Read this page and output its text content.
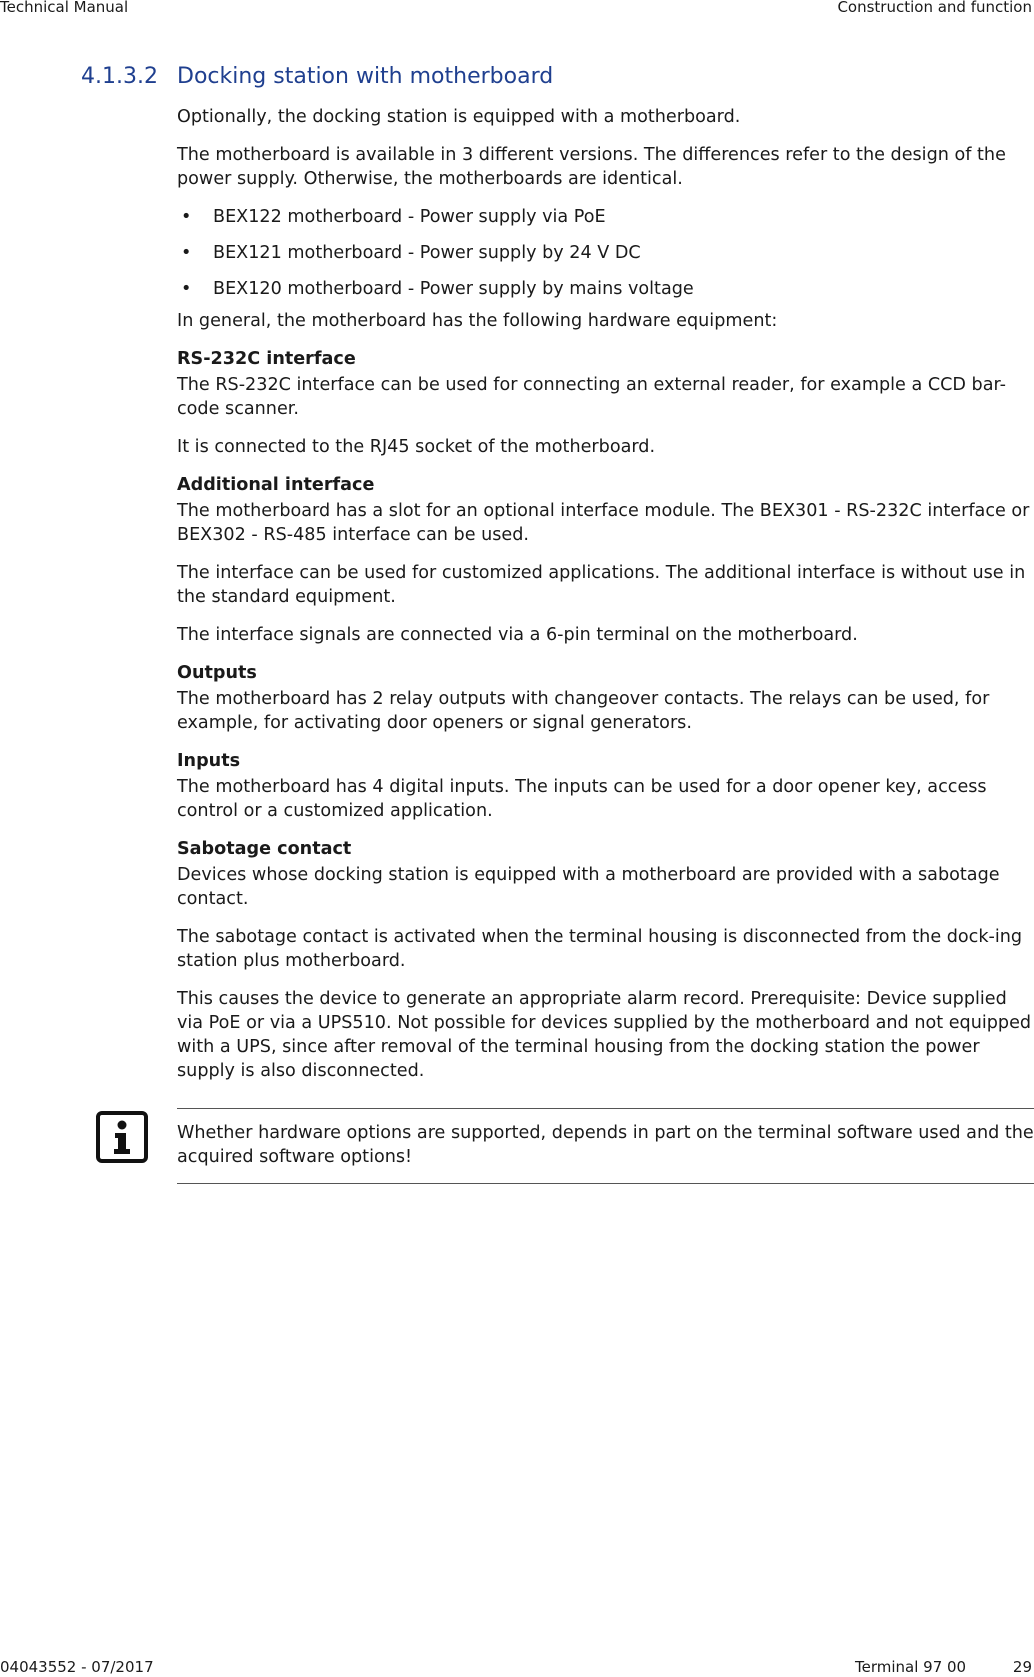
Technical Manual	Construction and function
4.1.3.2 Docking station with motherboard

Optionally, the docking station is equipped with a motherboard.

The motherboard is available in 3 different versions. The differences refer to the design of the power supply. Otherwise, the motherboards are identical.

• BEX122 motherboard - Power supply via PoE
• BEX121 motherboard - Power supply by 24 V DC
• BEX120 motherboard - Power supply by mains voltage

In general, the motherboard has the following hardware equipment:

RS-232C interface

The RS-232C interface can be used for connecting an external reader, for example a CCD bar-code scanner.

It is connected to the RJ45 socket of the motherboard.

Additional interface

The motherboard has a slot for an optional interface module. The BEX301 - RS-232C interface or BEX302 - RS-485 interface can be used.

The interface can be used for customized applications. The additional interface is without use in the standard equipment.

The interface signals are connected via a 6-pin terminal on the motherboard.

Outputs

The motherboard has 2 relay outputs with changeover contacts. The relays can be used, for example, for activating door openers or signal generators.

Inputs

The motherboard has 4 digital inputs. The inputs can be used for a door opener key, access control or a customized application.

Sabotage contact

Devices whose docking station is equipped with a motherboard are provided with a sabotage contact.

The sabotage contact is activated when the terminal housing is disconnected from the dock-ing station plus motherboard.

This causes the device to generate an appropriate alarm record. Prerequisite: Device supplied via PoE or via a UPS510. Not possible for devices supplied by the motherboard and not equipped with a UPS, since after removal of the terminal housing from the docking station the power supply is also disconnected.

Whether hardware options are supported, depends in part on the terminal software used and the acquired software options!
04043552 - 07/2017	Terminal 97 00	29
